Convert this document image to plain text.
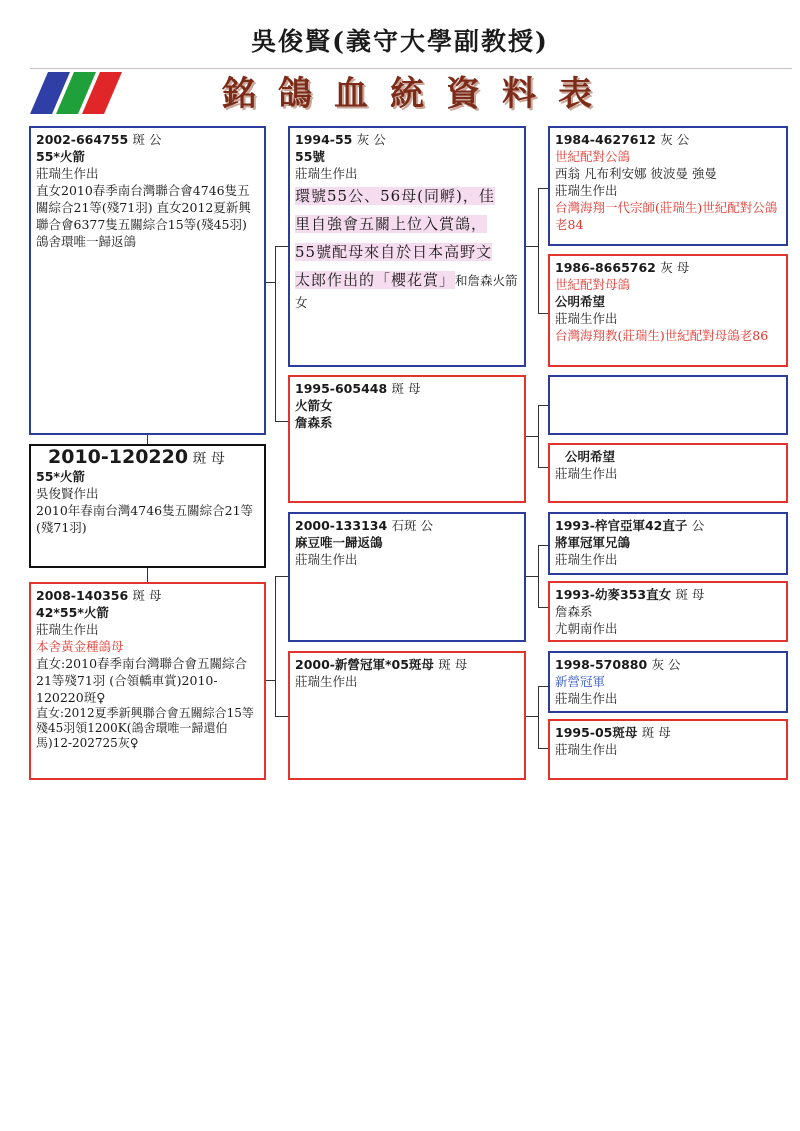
吳俊賢(義守大學副教授)
銘鴿血統資料表
2002-664755 斑 公
55*火箭
莊瑞生作出
直女2010春季南台灣聯合會4746隻五關綜合21等(殘71羽) 直女2012夏新興聯合會6377隻五關綜合15等(殘45羽)鴿舍環唯一歸返鴿
2010-120220 斑 母
55*火箭
吳俊賢作出
2010年春南台灣4746隻五關綜合21等(殘71羽)
2008-140356 斑 母
42*55*火箭
莊瑞生作出
本舍黃金種鴿母
直女:2010春季南台灣聯合會五關綜合21等殘71羽 (合領轎車賞)2010-120220斑♀
直女:2012夏季新興聯合會五關綜合15等殘45羽領1200K(鴿舍環唯一歸還伯馬)12-202725灰♀
1994-55 灰 公
55號
莊瑞生作出
環號55公、56母(同孵)，佳
里自強會五關上位入賞鴿，
55號配母來自於日本高野文
太郎作出的「櫻花賞」和詹森火箭女
1995-605448 斑 母
火箭女
詹森系
2000-133134 石斑 公
麻豆唯一歸返鴿
莊瑞生作出
2000-新營冠軍*05斑母 斑 母
莊瑞生作出
1984-4627612 灰 公
世紀配對公鴿
西翁 凡布利安娜 彼波曼 強曼
莊瑞生作出
台灣海翔一代宗師(莊瑞生)世紀配對公鴿老84
1986-8665762 灰 母
世紀配對母鴿
公明希望
莊瑞生作出
台灣海翔教(莊瑞生)世紀配對母鴿老86
公明希望
莊瑞生作出
1993-梓官亞軍42直子 公
將軍冠軍兄鴿
莊瑞生作出
1993-幼麥353直女 斑 母
詹森系
尤朝南作出
1998-570880 灰 公
新營冠軍
莊瑞生作出
1995-05斑母 斑 母
莊瑞生作出
